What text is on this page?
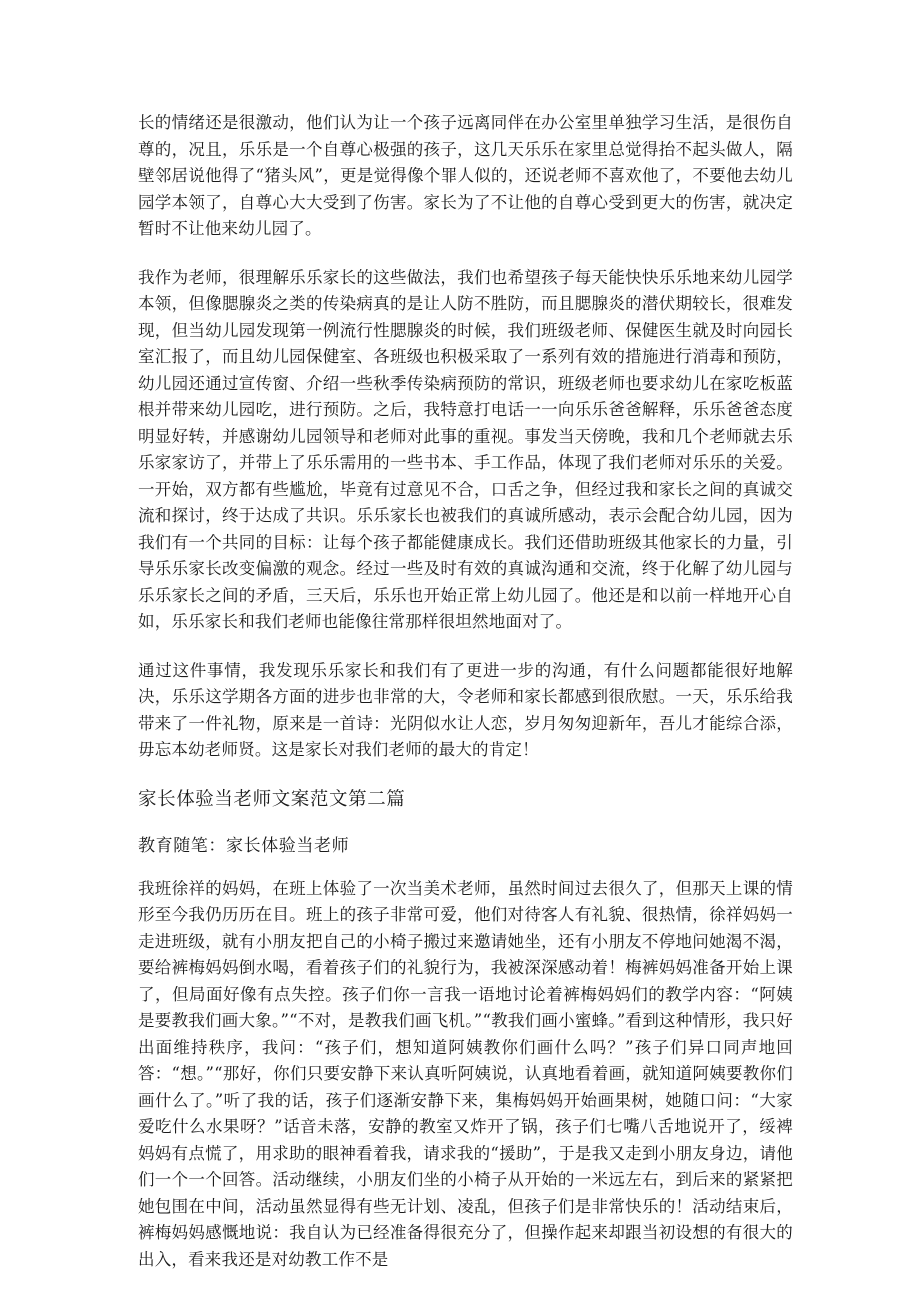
长的情绪还是很激动，他们认为让一个孩子远离同伴在办公室里单独学习生活，是很伤自尊的，况且，乐乐是一个自尊心极强的孩子，这几天乐乐在家里总觉得抬不起头做人，隔壁邻居说他得了“猪头风”，更是觉得像个罪人似的，还说老师不喜欢他了，不要他去幼儿园学本领了，自尊心大大受到了伤害。家长为了不让他的自尊心受到更大的伤害，就决定暂时不让他来幼儿园了。

我作为老师，很理解乐乐家长的这些做法，我们也希望孩子每天能快快乐乐地来幼儿园学本领，但像腮腺炎之类的传染病真的是让人防不胜防，而且腮腺炎的潜伏期较长，很难发现，但当幼儿园发现第一例流行性腮腺炎的时候，我们班级老师、保健医生就及时向园长室汇报了，而且幼儿园保健室、各班级也积极采取了一系列有效的措施进行消毒和预防，幼儿园还通过宣传窗、介绍一些秋季传染病预防的常识，班级老师也要求幼儿在家吃板蓝根并带来幼儿园吃，进行预防。之后，我特意打电话一一向乐乐爸爸解释，乐乐爸爸态度明显好转，并感谢幼儿园领导和老师对此事的重视。事发当天傍晚，我和几个老师就去乐乐家家访了，并带上了乐乐需用的一些书本、手工作品，体现了我们老师对乐乐的关爱。一开始，双方都有些尴尬，毕竟有过意见不合，口舌之争，但经过我和家长之间的真诚交流和探讨，终于达成了共识。乐乐家长也被我们的真诚所感动，表示会配合幼儿园，因为我们有一个共同的目标：让每个孩子都能健康成长。我们还借助班级其他家长的力量，引导乐乐家长改变偏激的观念。经过一些及时有效的真诚沟通和交流，终于化解了幼儿园与乐乐家长之间的矛盾，三天后，乐乐也开始正常上幼儿园了。他还是和以前一样地开心自如，乐乐家长和我们老师也能像往常那样很坦然地面对了。

通过这件事情，我发现乐乐家长和我们有了更进一步的沟通，有什么问题都能很好地解决，乐乐这学期各方面的进步也非常的大，令老师和家长都感到很欣慰。一天，乐乐给我带来了一件礼物，原来是一首诗：光阴似水让人恋，岁月匆匆迎新年，吾儿才能综合添，毋忘本幼老师贤。这是家长对我们老师的最大的肯定！

家长体验当老师文案范文第二篇
教育随笔：家长体验当老师

我班徐祥的妈妈，在班上体验了一次当美术老师，虽然时间过去很久了，但那天上课的情形至今我仍历历在目。班上的孩子非常可爱，他们对待客人有礼貌、很热情，徐祥妈妈一走进班级，就有小朋友把自己的小椅子搬过来邀请她坐，还有小朋友不停地问她渴不渴，要给裤梅妈妈倒水喝，看着孩子们的礼貌行为，我被深深感动着！梅裤妈妈准备开始上课了，但局面好像有点失控。孩子们你一言我一语地讨论着裤梅妈妈们的教学内容：“阿姨是要教我们画大象。”“不对，是教我们画飞机。”“教我们画小蜜蜂。”看到这种情形，我只好出面维持秩序，我问：“孩子们，想知道阿姨教你们画什么吗？”孩子们异口同声地回答：“想。”“那好，你们只要安静下来认真听阿姨说，认真地看着画，就知道阿姨要教你们画什么了。”听了我的话，孩子们逐渐安静下来，集梅妈妈开始画果树，她随口问：“大家爱吃什么水果呀？”话音未落，安静的教室又炸开了锅，孩子们七嘴八舌地说开了，绥裨妈妈有点慌了，用求助的眼神看着我，请求我的“援助”，于是我又走到小朋友身边，请他们一个一个回答。活动继续，小朋友们坐的小椅子从开始的一米远左右，到后来的紧紧把她包围在中间，活动虽然显得有些无计划、凌乱，但孩子们是非常快乐的！活动结束后，裤梅妈妈感慨地说：我自认为已经准备得很充分了，但操作起来却跟当初设想的有很大的出入，看来我还是对幼教工作不是
